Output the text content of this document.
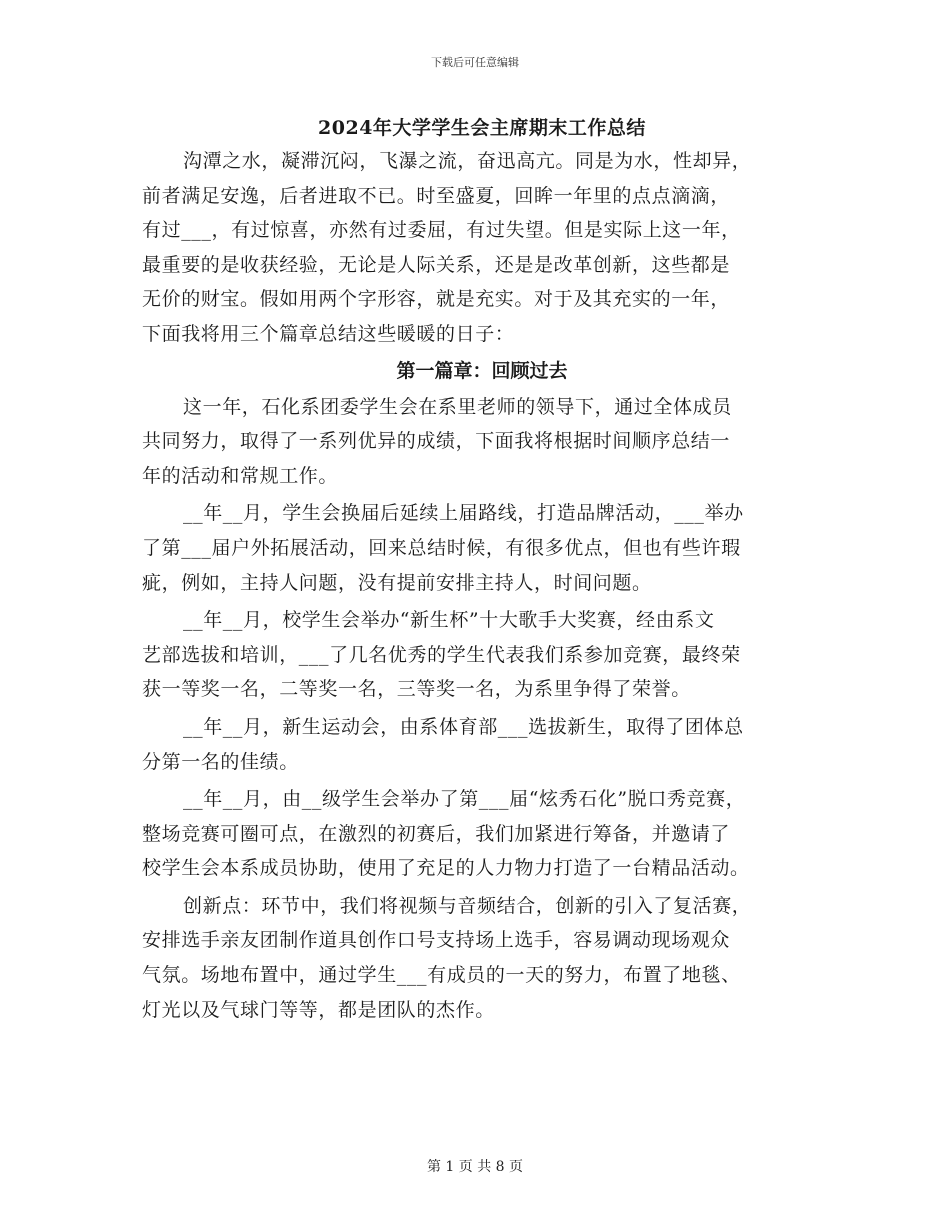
下载后可任意编辑
2024年大学学生会主席期末工作总结
沟潭之水，凝滞沉闷，飞瀑之流，奋迅高亢。同是为水，性却异，
前者满足安逸，后者进取不已。时至盛夏，回眸一年里的点点滴滴，
有过___，有过惊喜，亦然有过委屈，有过失望。但是实际上这一年，
最重要的是收获经验，无论是人际关系，还是是改革创新，这些都是
无价的财宝。假如用两个字形容，就是充实。对于及其充实的一年，
下面我将用三个篇章总结这些暖暖的日子：
第一篇章：回顾过去
这一年，石化系团委学生会在系里老师的领导下，通过全体成员
共同努力，取得了一系列优异的成绩，下面我将根据时间顺序总结一
年的活动和常规工作。
__年__月，学生会换届后延续上届路线，打造品牌活动，___举办
了第___届户外拓展活动，回来总结时候，有很多优点，但也有些许瑕
疵，例如，主持人问题，没有提前安排主持人，时间问题。
__年__月，校学生会举办“新生杯”十大歌手大奖赛，经由系文
艺部选拔和培训，___了几名优秀的学生代表我们系参加竞赛，最终荣
获一等奖一名，二等奖一名，三等奖一名，为系里争得了荣誉。
__年__月，新生运动会，由系体育部___选拔新生，取得了团体总
分第一名的佳绩。
__年__月，由__级学生会举办了第___届“炫秀石化”脱口秀竞赛，
整场竞赛可圈可点，在激烈的初赛后，我们加紧进行筹备，并邀请了
校学生会本系成员协助，使用了充足的人力物力打造了一台精品活动。
创新点：环节中，我们将视频与音频结合，创新的引入了复活赛，
安排选手亲友团制作道具创作口号支持场上选手，容易调动现场观众
气氛。场地布置中，通过学生___有成员的一天的努力，布置了地毯、
灯光以及气球门等等，都是团队的杰作。
第 1 页 共 8 页
